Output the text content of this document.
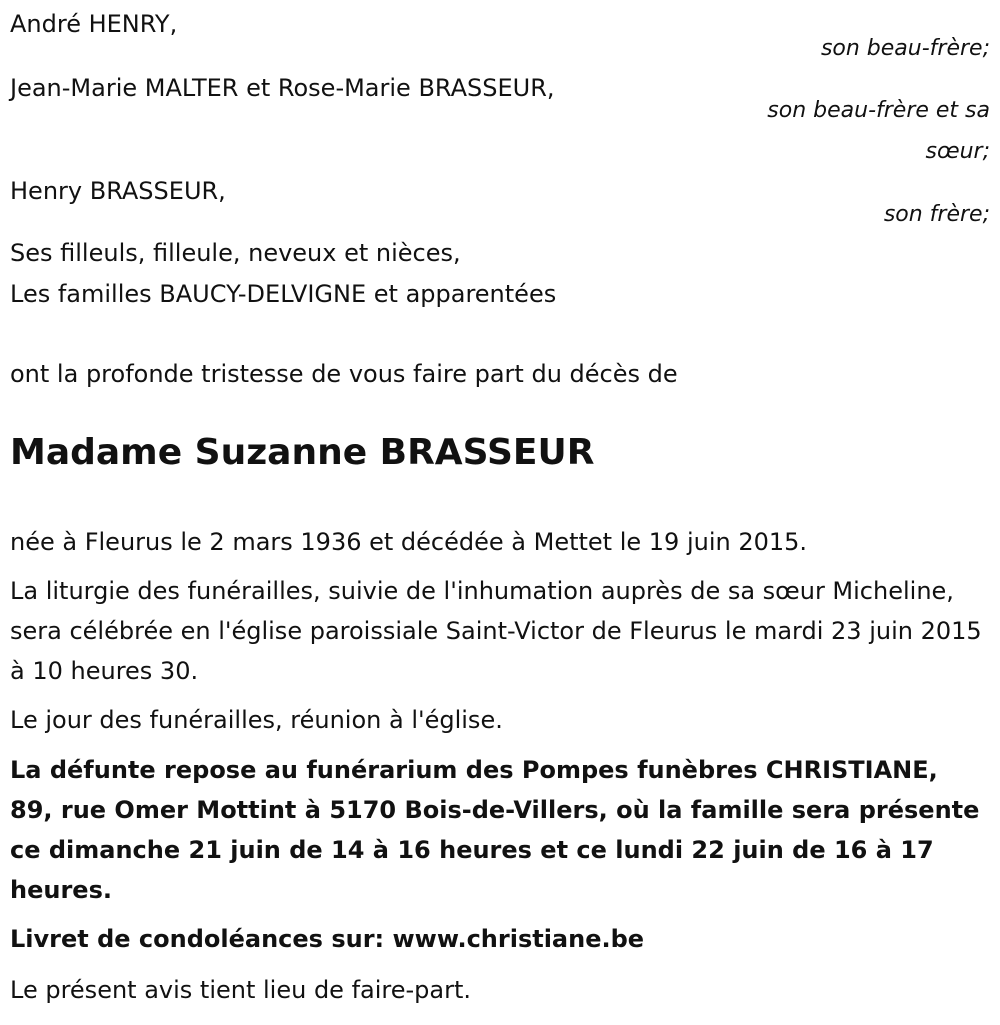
André HENRY,
son beau-frère;
Jean-Marie MALTER et Rose-Marie BRASSEUR,
son beau-frère et sa
sœur;
Henry BRASSEUR,
son frère;
Ses filleuls, filleule, neveux et nièces,
Les familles BAUCY-DELVIGNE et apparentées
ont la profonde tristesse de vous faire part du décès de
Madame Suzanne BRASSEUR
née à Fleurus le 2 mars 1936 et décédée à Mettet le 19 juin 2015.
La liturgie des funérailles, suivie de l'inhumation auprès de sa sœur Micheline, sera célébrée en l'église paroissiale Saint-Victor de Fleurus le mardi 23 juin 2015 à 10 heures 30.
Le jour des funérailles, réunion à l'église.
La défunte repose au funérarium des Pompes funèbres CHRISTIANE, 89, rue Omer Mottint à 5170 Bois-de-Villers, où la famille sera présente ce dimanche 21 juin de 14 à 16 heures et ce lundi 22 juin de 16 à 17 heures.
Livret de condoléances sur: www.christiane.be
Le présent avis tient lieu de faire-part.
